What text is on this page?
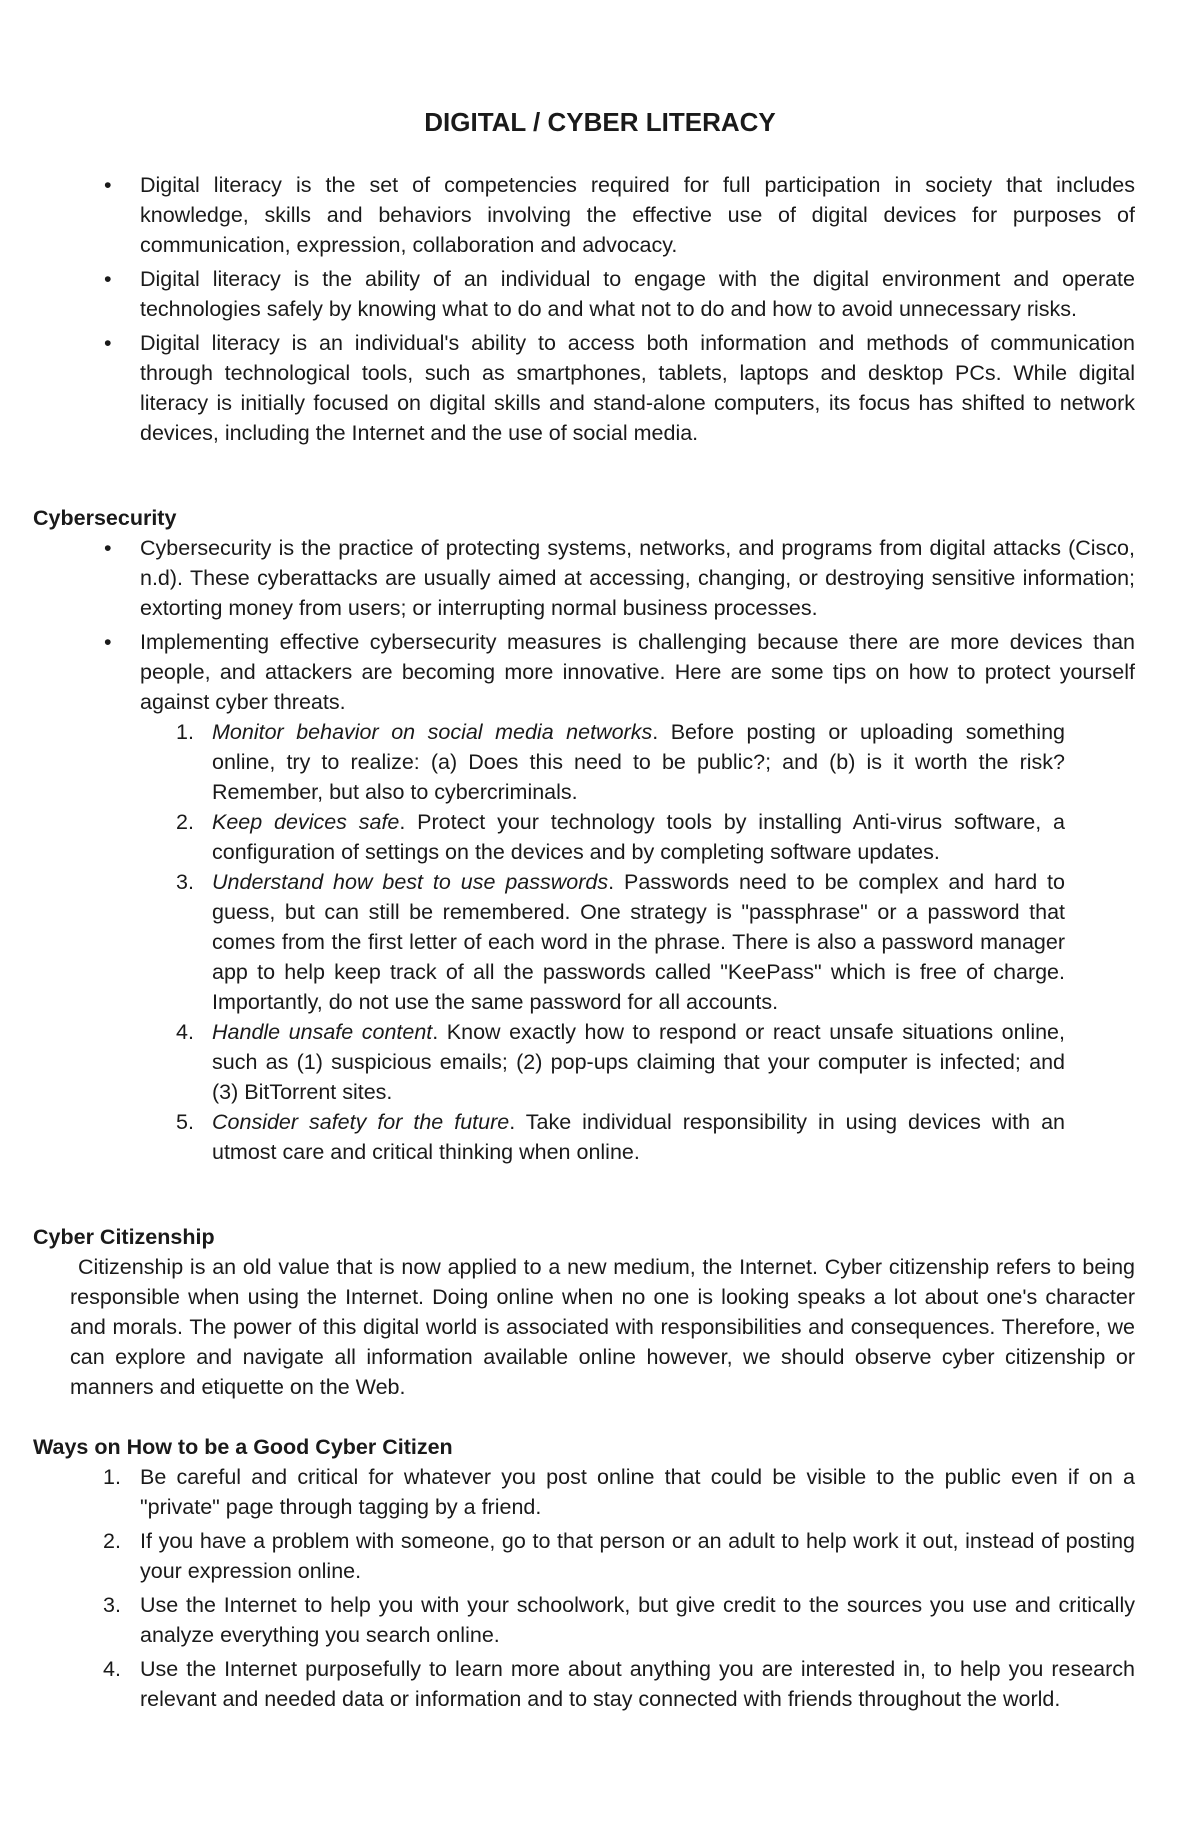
DIGITAL / CYBER LITERACY
• Digital literacy is the set of competencies required for full participation in society that includes knowledge, skills and behaviors involving the effective use of digital devices for purposes of communication, expression, collaboration and advocacy.
• Digital literacy is the ability of an individual to engage with the digital environment and operate technologies safely by knowing what to do and what not to do and how to avoid unnecessary risks.
• Digital literacy is an individual's ability to access both information and methods of communication through technological tools, such as smartphones, tablets, laptops and desktop PCs. While digital literacy is initially focused on digital skills and stand-alone computers, its focus has shifted to network devices, including the Internet and the use of social media.
Cybersecurity
• Cybersecurity is the practice of protecting systems, networks, and programs from digital attacks (Cisco, n.d). These cyberattacks are usually aimed at accessing, changing, or destroying sensitive information; extorting money from users; or interrupting normal business processes.
• Implementing effective cybersecurity measures is challenging because there are more devices than people, and attackers are becoming more innovative. Here are some tips on how to protect yourself against cyber threats.
1. Monitor behavior on social media networks. Before posting or uploading something online, try to realize: (a) Does this need to be public?; and (b) is it worth the risk? Remember, but also to cybercriminals.
2. Keep devices safe. Protect your technology tools by installing Anti-virus software, a configuration of settings on the devices and by completing software updates.
3. Understand how best to use passwords. Passwords need to be complex and hard to guess, but can still be remembered. One strategy is "passphrase" or a password that comes from the first letter of each word in the phrase. There is also a password manager app to help keep track of all the passwords called "KeePass" which is free of charge. Importantly, do not use the same password for all accounts.
4. Handle unsafe content. Know exactly how to respond or react unsafe situations online, such as (1) suspicious emails; (2) pop-ups claiming that your computer is infected; and (3) BitTorrent sites.
5. Consider safety for the future. Take individual responsibility in using devices with an utmost care and critical thinking when online.
Cyber Citizenship

Citizenship is an old value that is now applied to a new medium, the Internet. Cyber citizenship refers to being responsible when using the Internet. Doing online when no one is looking speaks a lot about one's character and morals. The power of this digital world is associated with responsibilities and consequences. Therefore, we can explore and navigate all information available online however, we should observe cyber citizenship or manners and etiquette on the Web.

Ways on How to be a Good Cyber Citizen
1. Be careful and critical for whatever you post online that could be visible to the public even if on a "private" page through tagging by a friend.
2. If you have a problem with someone, go to that person or an adult to help work it out, instead of posting your expression online.
3. Use the Internet to help you with your schoolwork, but give credit to the sources you use and critically analyze everything you search online.
4. Use the Internet purposefully to learn more about anything you are interested in, to help you research relevant and needed data or information and to stay connected with friends throughout the world.
